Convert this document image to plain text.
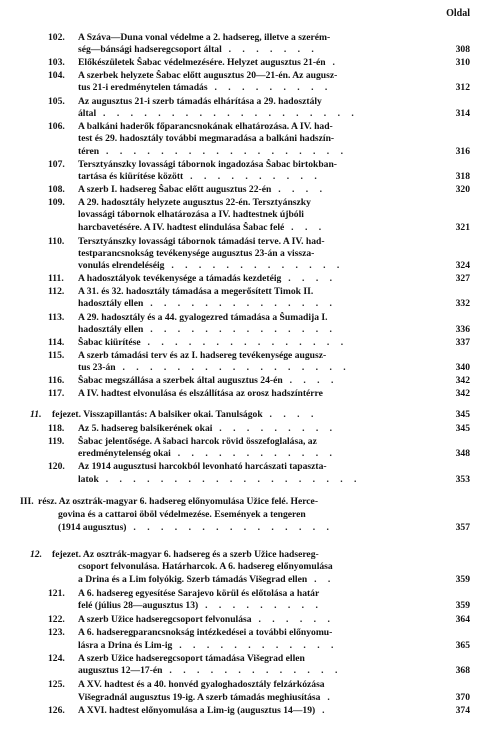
Oldal
102. A Száva—Duna vonal védelme a 2. hadsereg, illetve a szerém-
ség—bánsági hadseregcsoport által . . . . . . .	308
103. Előkészületek Šabac védelmezésére. Helyzet augusztus 21-én .	310
104. A szerbek helyzete Šabac előtt augusztus 20—21-én. Az augusz-
tus 21-i eredménytelen támadás . . . . . . . . .	312
105. Az augusztus 21-i szerb támadás elhárítása a 29. hadosztály
által . . . . . . . . . . . . . . . . . . .	314
106. A balkáni haderők főparancsnokának elhatározása. A IV. had-
test és 29. hadosztály további megmaradása a balkáni hadszín-
téren . . . . . . . . . . . . . . . . . .	316
107. Tersztyánszky lovassági tábornok ingadozása Šabac birtokban-
tartása és kiürítése között . . . . . . . . . .	318
108. A szerb I. hadsereg Šabac előtt augusztus 22-én . . . .	320
109. A 29. hadosztály helyzete augusztus 22-én. Tersztyánszky
lovassági tábornok elhatározása a IV. hadtestnek újbóli
harcbavetésére. A IV. hadtest elindulása Šabac felé . . .	321
110. Tersztyánszky lovassági tábornok támadási terve. A IV. had-
testparancsnokság tevékenysége augusztus 23-án a vissza-
vonulás elrendeléséig . . . . . . . . . . . . .	324
111. A hadosztályok tevékenysége a támadás kezdetéig . . . .	327
112. A 31. és 32. hadosztály támadása a megerősített Timok II.
hadosztály ellen . . . . . . . . . . . . . .	332
113. A 29. hadosztály és a 44. gyalogezred támadása a Šumadija I.
hadosztály ellen . . . . . . . . . . . . . .	336
114. Šabac kiürítése . . . . . . . . . . . . . . .	337
115. A szerb támadási terv és az I. hadsereg tevékenysége augusz-
tus 23-án . . . . . . . . . . . . . . . . .	340
116. Šabac megszállása a szerbek által augusztus 24-én . . . .	342
117. A IV. hadtest elvonulása és elszállítása az orosz hadszíntérre	342
11. fejezet. Visszapillantás: A balsiker okai. Tanulságok . . . .	345
118. Az 5. hadsereg balsikerének okai . . . . . . . . .	345
119. Šabac jelentősége. A šabaci harcok rövid összefoglalása, az
eredménytelenség okai . . . . . . . . . . . .	348
120. Az 1914 augusztusi harcokból levonható harcászati tapaszta-
latok . . . . . . . . . . . . . . . . . . .	353
III. rész. Az osztrák-magyar 6. hadsereg előnyomulása Užice felé. Herce-
govina és a cattaroi öböl védelmezése. Események a tengeren
(1914 augusztus) . . . . . . . . . . . . . . .	357
12. fejezet. Az osztrák-magyar 6. hadsereg és a szerb Užice hadsereg-
csoport felvonulása. Határharcok. A 6. hadsereg előnyomulása
a Drina és a Lim folyókig. Szerb támadás Višegrad ellen . .	359
121. A 6. hadsereg egyesítése Sarajevo körül és előtolása a határ
felé (július 28—augusztus 13) . . . . . . . . .	359
122. A szerb Užice hadseregcsoport felvonulása . . . . . .	364
123. A 6. hadseregparancsnokság intézkedései a további előnyomu-
lásra a Drina és Lim-ig . . . . . . . . . . . .	365
124. A szerb Užice hadseregcsoport támadása Višegrad ellen
augusztus 12—17-én . . . . . . . . . . . . .	368
125. A XV. hadtest és a 40. honvéd gyaloghadosztály felzárkózása
Višegradnál augusztus 19-ig. A szerb támadás meghiusítása .	370
126. A XVI. hadtest előnyomulása a Lim-ig (augusztus 14—19) .	374
